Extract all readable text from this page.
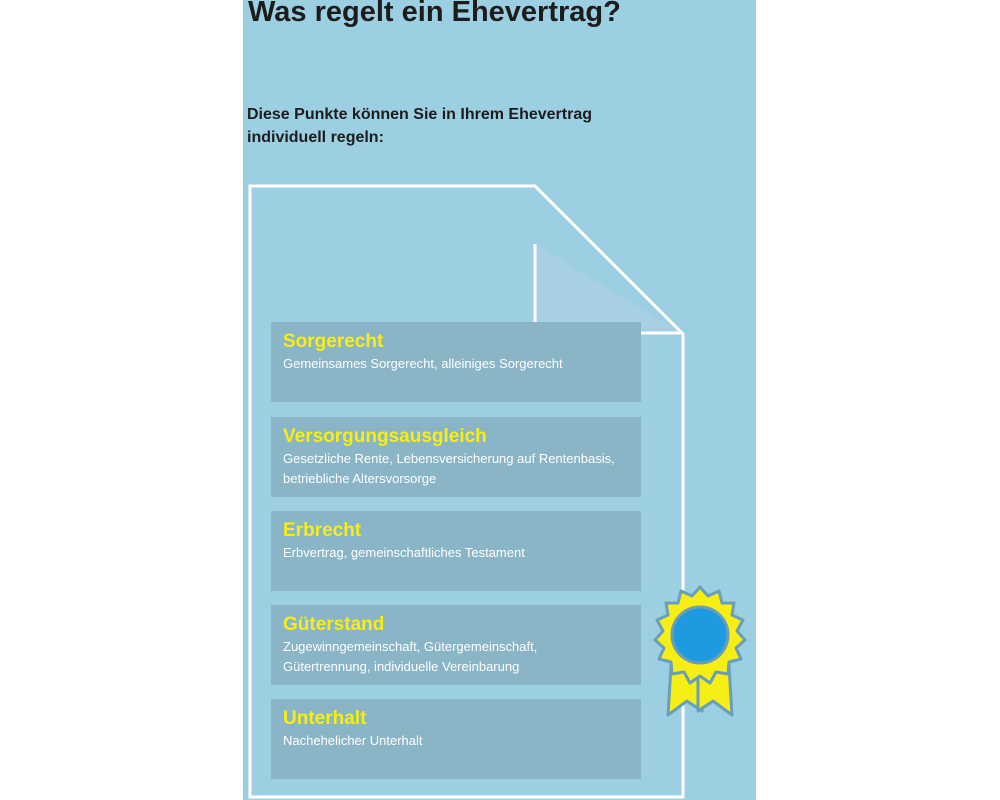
Was regelt ein Ehevertrag?

Diese Punkte können Sie in Ihrem Ehevertrag
individuell regeln:

Sorgerecht
Gemeinsames Sorgerecht, alleiniges Sorgerecht
Versorgungsausgleich
Gesetzliche Rente, Lebensversicherung auf Rentenbasis,
betriebliche Altersvorsorge
Erbrecht
Erbvertrag, gemeinschaftliches Testament
Güterstand
Zugewinngemeinschaft, Gütergemeinschaft,
Gütertrennung, individuelle Vereinbarung
Unterhalt
Nachehelicher Unterhalt
